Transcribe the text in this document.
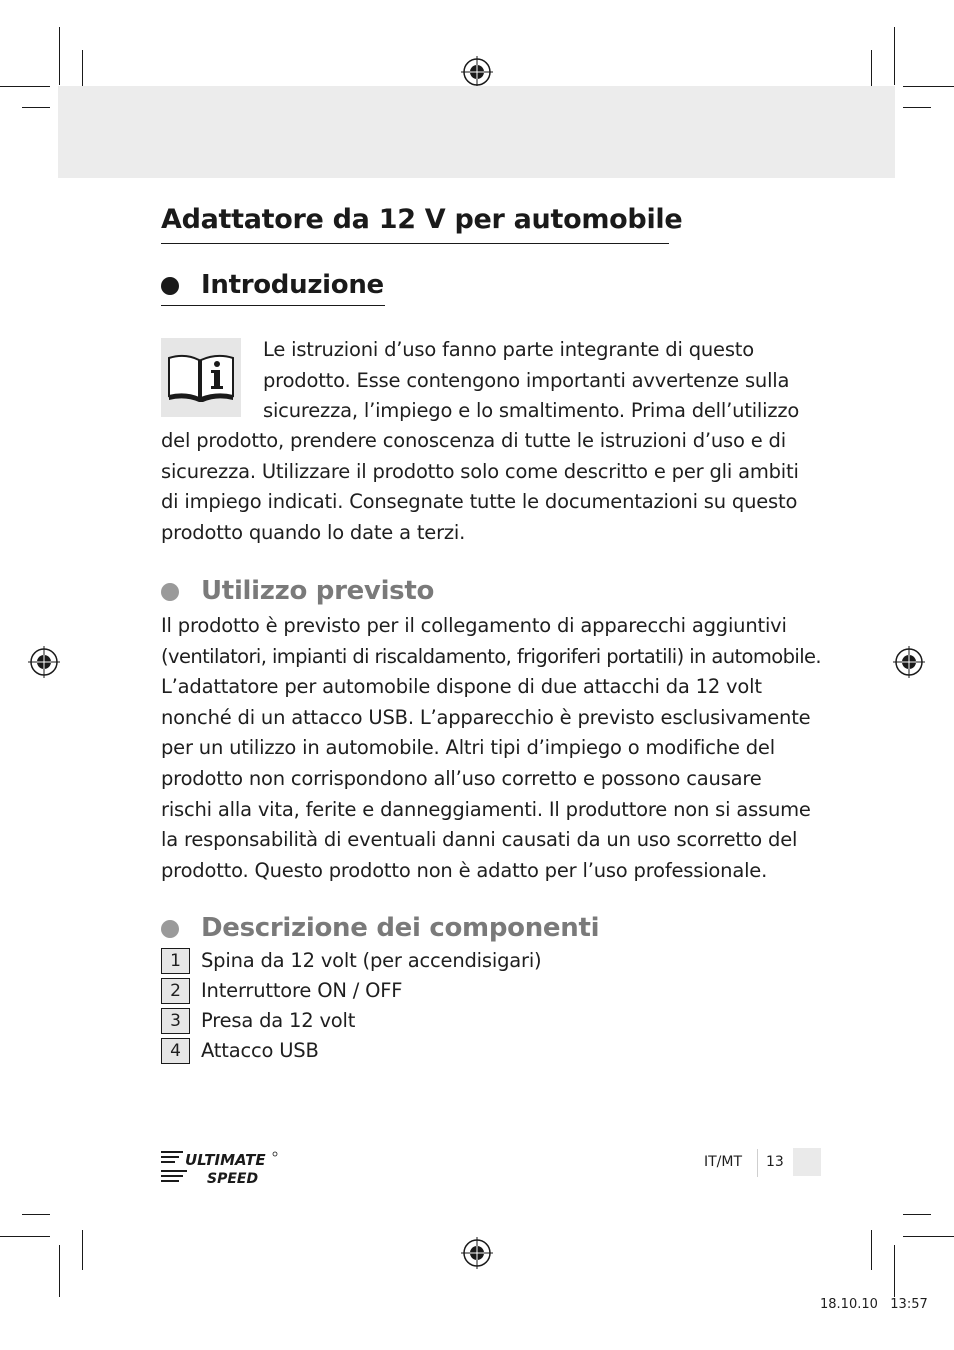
Adattatore da 12 V per automobile
Introduzione
Le istruzioni d’uso fanno parte integrante di questo
prodotto. Esse contengono importanti avvertenze sulla
sicurezza, l’impiego e lo smaltimento. Prima dell’utilizzo
del prodotto, prendere conoscenza di tutte le istruzioni d’uso e di
sicurezza. Utilizzare il prodotto solo come descritto e per gli ambiti
di impiego indicati. Consegnate tutte le documentazioni su questo
prodotto quando lo date a terzi.
Utilizzo previsto
Il prodotto è previsto per il collegamento di apparecchi aggiuntivi
(ventilatori, impianti di riscaldamento, frigoriferi portatili) in automobile.
L’adattatore per automobile dispone di due attacchi da 12 volt
nonché di un attacco USB. L’apparecchio è previsto esclusivamente
per un utilizzo in automobile. Altri tipi d’impiego o modifiche del
prodotto non corrispondono all’uso corretto e possono causare
rischi alla vita, ferite e danneggiamenti. Il produttore non si assume
la responsabilità di eventuali danni causati da un uso scorretto del
prodotto. Questo prodotto non è adatto per l’uso professionale.
Descrizione dei componenti
1	Spina da 12 volt (per accendisigari)
2	Interruttore ON / OFF
3	Presa da 12 volt
4	Attacco USB
ULTIMATE
SPEED
IT/MT 13
18.10.10   13:57
